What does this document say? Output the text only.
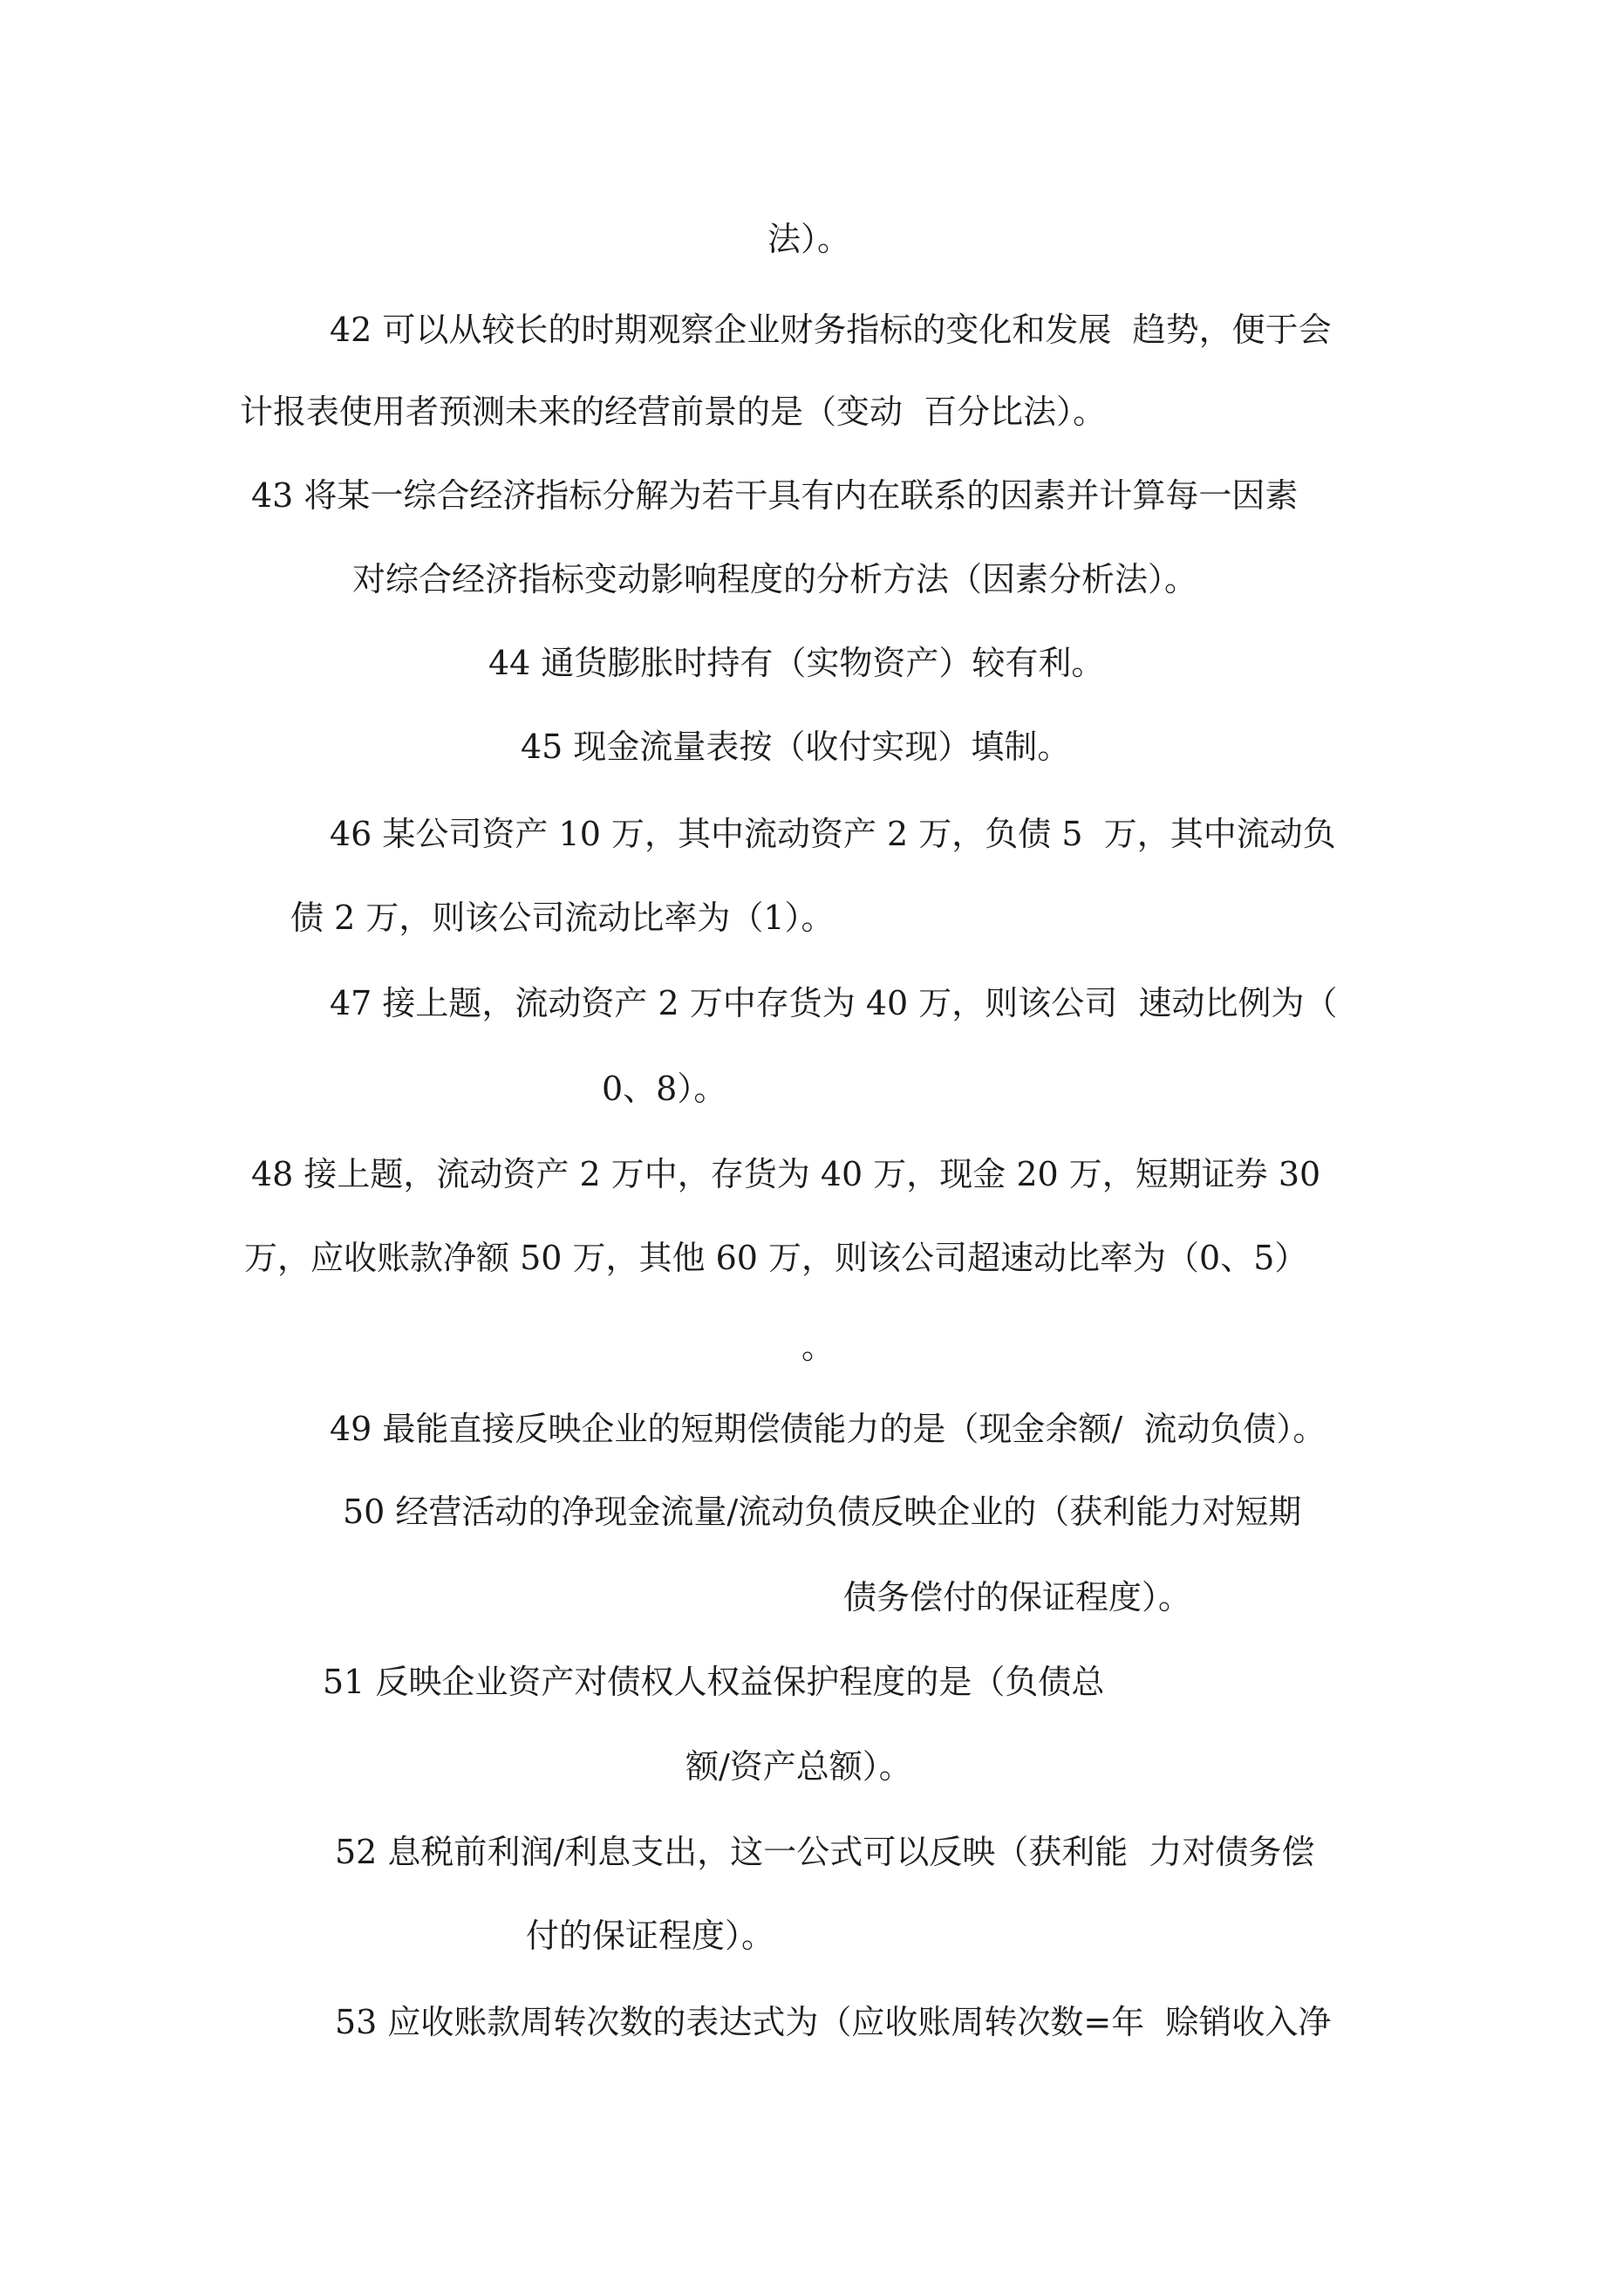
法）。
42 可以从较长的时期观察企业财务指标的变化和发展  趋势，便于会
计报表使用者预测未来的经营前景的是（变动  百分比法）。
43 将某一综合经济指标分解为若干具有内在联系的因素并计算每一因素
对综合经济指标变动影响程度的分析方法（因素分析法）。
44 通货膨胀时持有（实物资产）较有利。
45 现金流量表按（收付实现）填制。
46 某公司资产 10 万，其中流动资产 2 万，负债 5  万，其中流动负
债 2 万，则该公司流动比率为（1）。
47 接上题，流动资产 2 万中存货为 40 万，则该公司  速动比例为（
0、8）。
48 接上题，流动资产 2 万中，存货为 40 万，现金 20 万，短期证券 30
万，应收账款净额 50 万，其他 60 万，则该公司超速动比率为（0、5）
。
49 最能直接反映企业的短期偿债能力的是（现金余额/  流动负债）。
50 经营活动的净现金流量/流动负债反映企业的（获利能力对短期
债务偿付的保证程度）。
51 反映企业资产对债权人权益保护程度的是（负债总
额/资产总额）。
52 息税前利润/利息支出，这一公式可以反映（获利能  力对债务偿
付的保证程度）。
53 应收账款周转次数的表达式为（应收账周转次数=年  赊销收入净
